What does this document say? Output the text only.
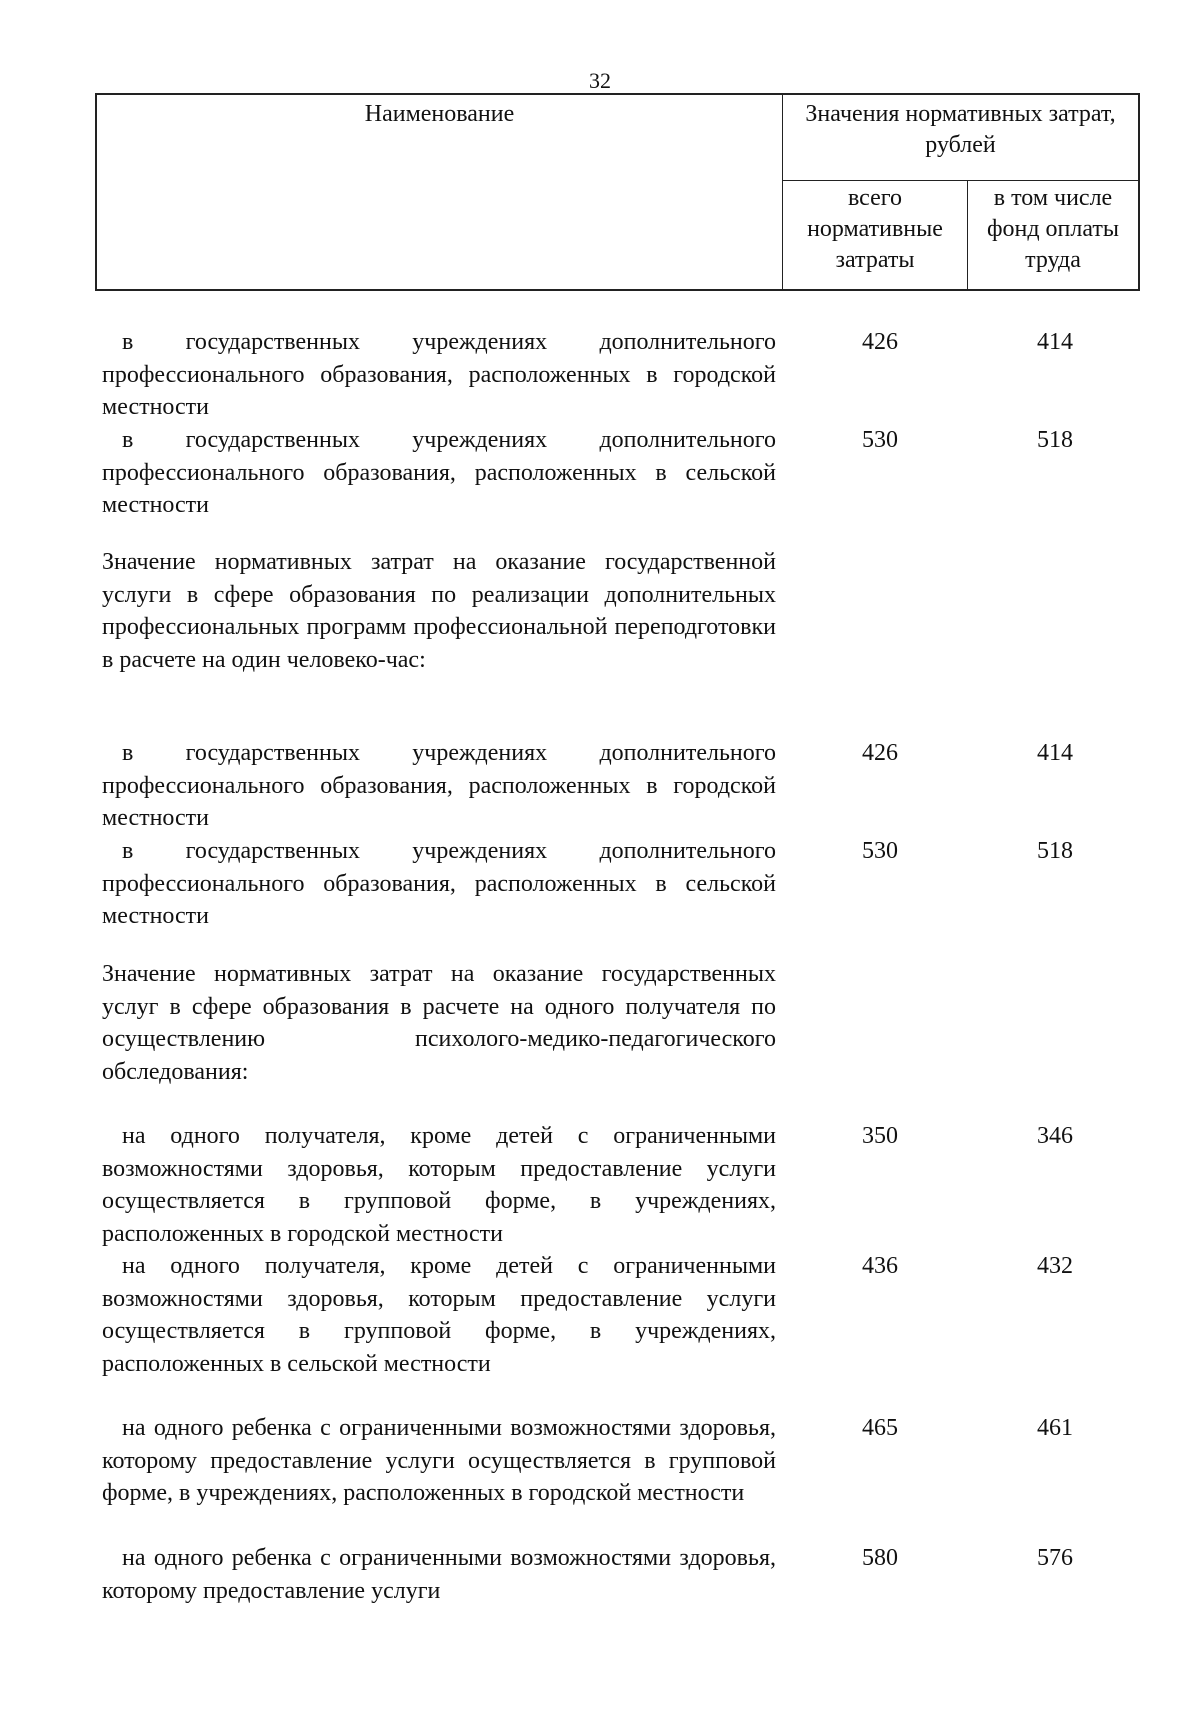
32
Наименование	Значения нормативных затрат, рублей
всего нормативные затраты
в том числе фонд оплаты труда
в государственных учреждениях дополнительного профессионального образования, расположенных в городской местности
426	414
в государственных учреждениях дополнительного профессионального образования, расположенных в сельской местности
530	518
Значение нормативных затрат на оказание государственной услуги в сфере образования по реализации дополнительных профессиональных программ профессиональной переподготовки в расчете на один человеко-час:
в государственных учреждениях дополнительного профессионального образования, расположенных в городской местности
426	414
в государственных учреждениях дополнительного профессионального образования, расположенных в сельской местности
530	518
Значение нормативных затрат на оказание государственных услуг в сфере образования в расчете на одного получателя по осуществлению психолого-медико-педагогического обследования:
на одного получателя, кроме детей с ограниченными возможностями здоровья, которым предоставление услуги осуществляется в групповой форме, в учреждениях, расположенных в городской местности
350	346
на одного получателя, кроме детей с ограниченными возможностями здоровья, которым предоставление услуги осуществляется в групповой форме, в учреждениях, расположенных в сельской местности
436	432
на одного ребенка с ограниченными возможностями здоровья, которому предоставление услуги осуществляется в групповой форме, в учреждениях, расположенных в городской местности
465	461
на одного ребенка с ограниченными возможностями здоровья, которому предоставление услуги
580	576
